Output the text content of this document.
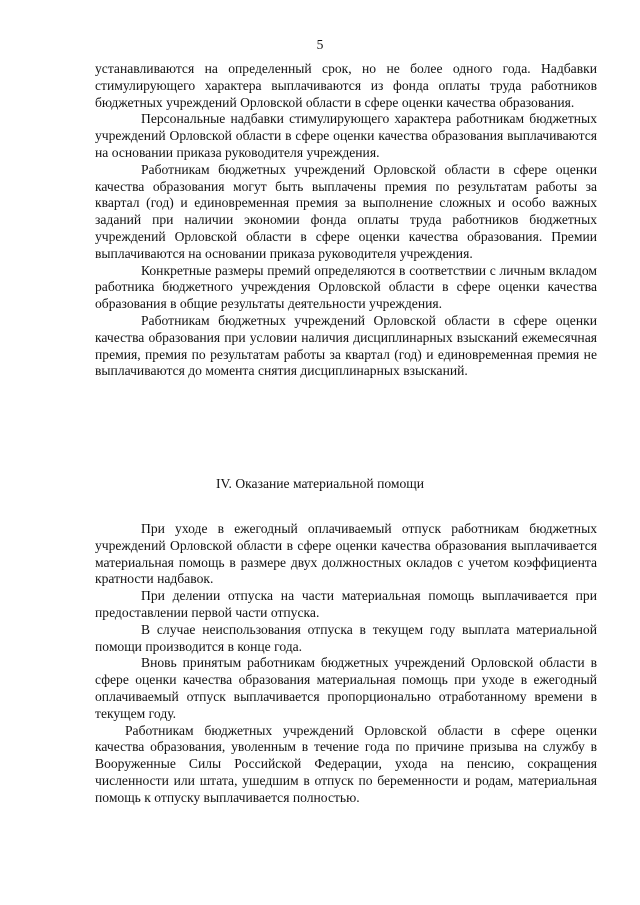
5

устанавливаются на определенный срок, но не более одного года. Надбавки стимулирующего характера выплачиваются из фонда оплаты труда работников бюджетных учреждений Орловской области в сфере оценки качества образования.

Персональные надбавки стимулирующего характера работникам бюджетных учреждений Орловской области в сфере оценки качества образования выплачиваются на основании приказа руководителя учреждения.

Работникам бюджетных учреждений Орловской области в сфере оценки качества образования могут быть выплачены премия по результатам работы за квартал (год) и единовременная премия за выполнение сложных и особо важных заданий при наличии экономии фонда оплаты труда работников бюджетных учреждений Орловской области в сфере оценки качества образования. Премии выплачиваются на основании приказа руководителя учреждения.

Конкретные размеры премий определяются в соответствии с личным вкладом работника бюджетного учреждения Орловской области в сфере оценки качества образования в общие результаты деятельности учреждения.

Работникам бюджетных учреждений Орловской области в сфере оценки качества образования при условии наличия дисциплинарных взысканий ежемесячная премия, премия по результатам работы за квартал (год) и единовременная премия не выплачиваются до момента снятия дисциплинарных взысканий.

IV. Оказание материальной помощи

При уходе в ежегодный оплачиваемый отпуск работникам бюджетных учреждений Орловской области в сфере оценки качества образования выплачивается материальная помощь в размере двух должностных окладов с учетом коэффициента кратности надбавок.

При делении отпуска на части материальная помощь выплачивается при предоставлении первой части отпуска.

В случае неиспользования отпуска в текущем году выплата материальной помощи производится в конце года.

Вновь принятым работникам бюджетных учреждений Орловской области в сфере оценки качества образования материальная помощь при уходе в ежегодный оплачиваемый отпуск выплачивается пропорционально отработанному времени в текущем году.

Работникам бюджетных учреждений Орловской области в сфере оценки качества образования, уволенным в течение года по причине призыва на службу в Вооруженные Силы Российской Федерации, ухода на пенсию, сокращения численности или штата, ушедшим в отпуск по беременности и родам, материальная помощь к отпуску выплачивается полностью.
